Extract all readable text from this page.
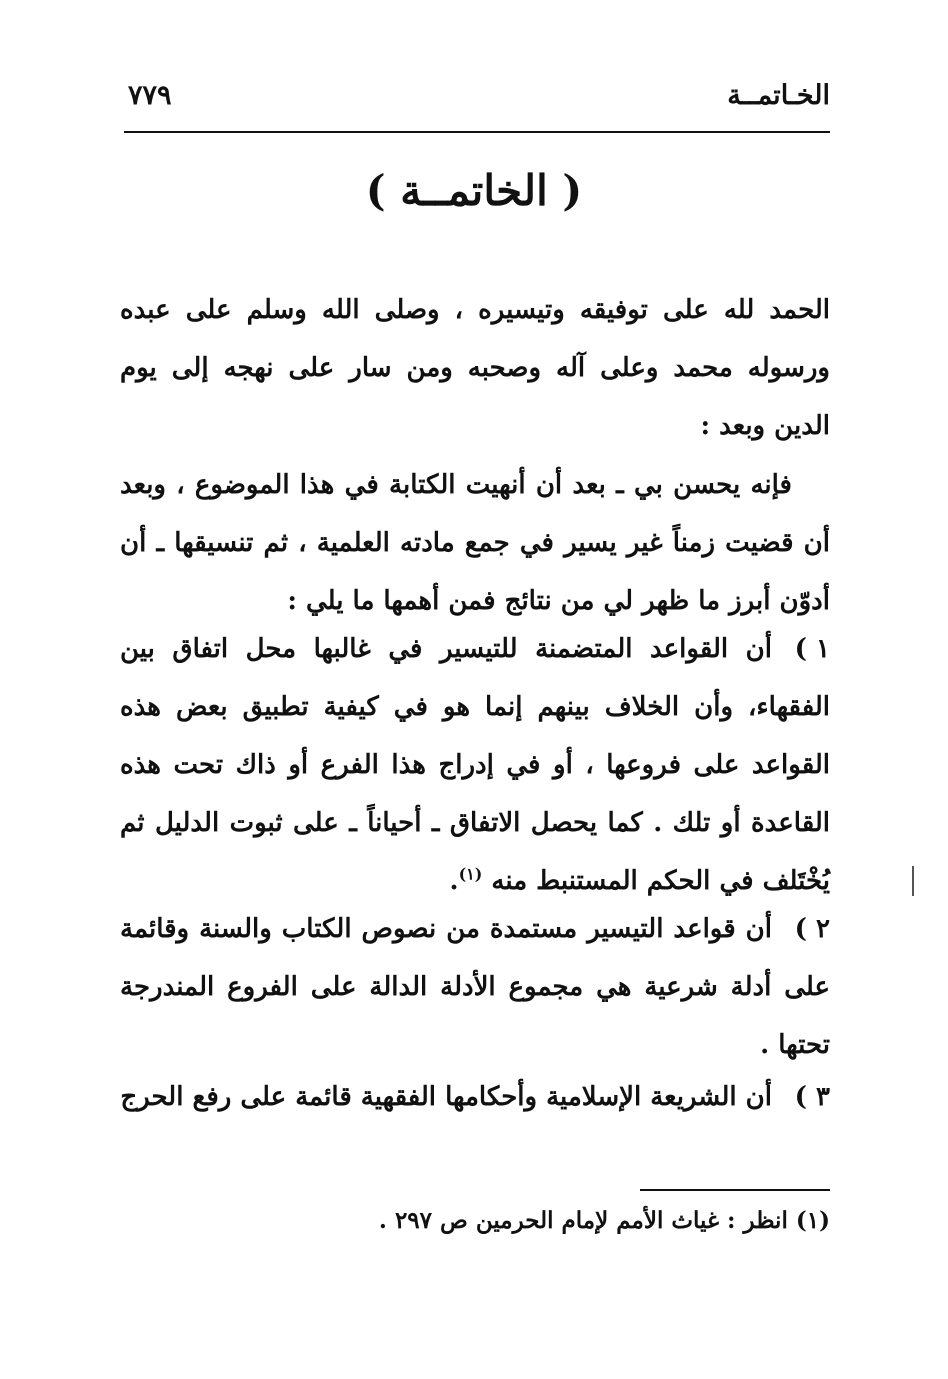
الخـاتمــة
٧٧٩
( الخاتمــة )
الحمد لله على توفيقه وتيسيره ، وصلى الله وسلم على عبده ورسوله محمد وعلى آله وصحبه ومن سار على نهجه إلى يوم الدين وبعد :
فإنه يحسن بي ـ بعد أن أنهيت الكتابة في هذا الموضوع ، وبعد أن قضيت زمناً غير يسير في جمع مادته العلمية ، ثم تنسيقها ـ أن أدوّن أبرز ما ظهر لي من نتائج فمن أهمها ما يلي :
١ )
أن القواعد المتضمنة للتيسير في غالبها محل اتفاق بين الفقهاء، وأن الخلاف بينهم إنما هو في كيفية تطبيق بعض هذه القواعد على فروعها ، أو في إدراج هذا الفرع أو ذاك تحت هذه القاعدة أو تلك . كما يحصل الاتفاق ـ أحياناً ـ على ثبوت الدليل ثم يُخْتَلف في الحكم المستنبط منه $^{(١)}$.
٢ )
أن قواعد التيسير مستمدة من نصوص الكتاب والسنة وقائمة على أدلة شرعية هي مجموع الأدلة الدالة على الفروع المندرجة تحتها .
٣ )
أن الشريعة الإسلامية وأحكامها الفقهية قائمة على رفع الحرج
(١) انظر : غياث الأمم لإمام الحرمين ص ٢٩٧ .
